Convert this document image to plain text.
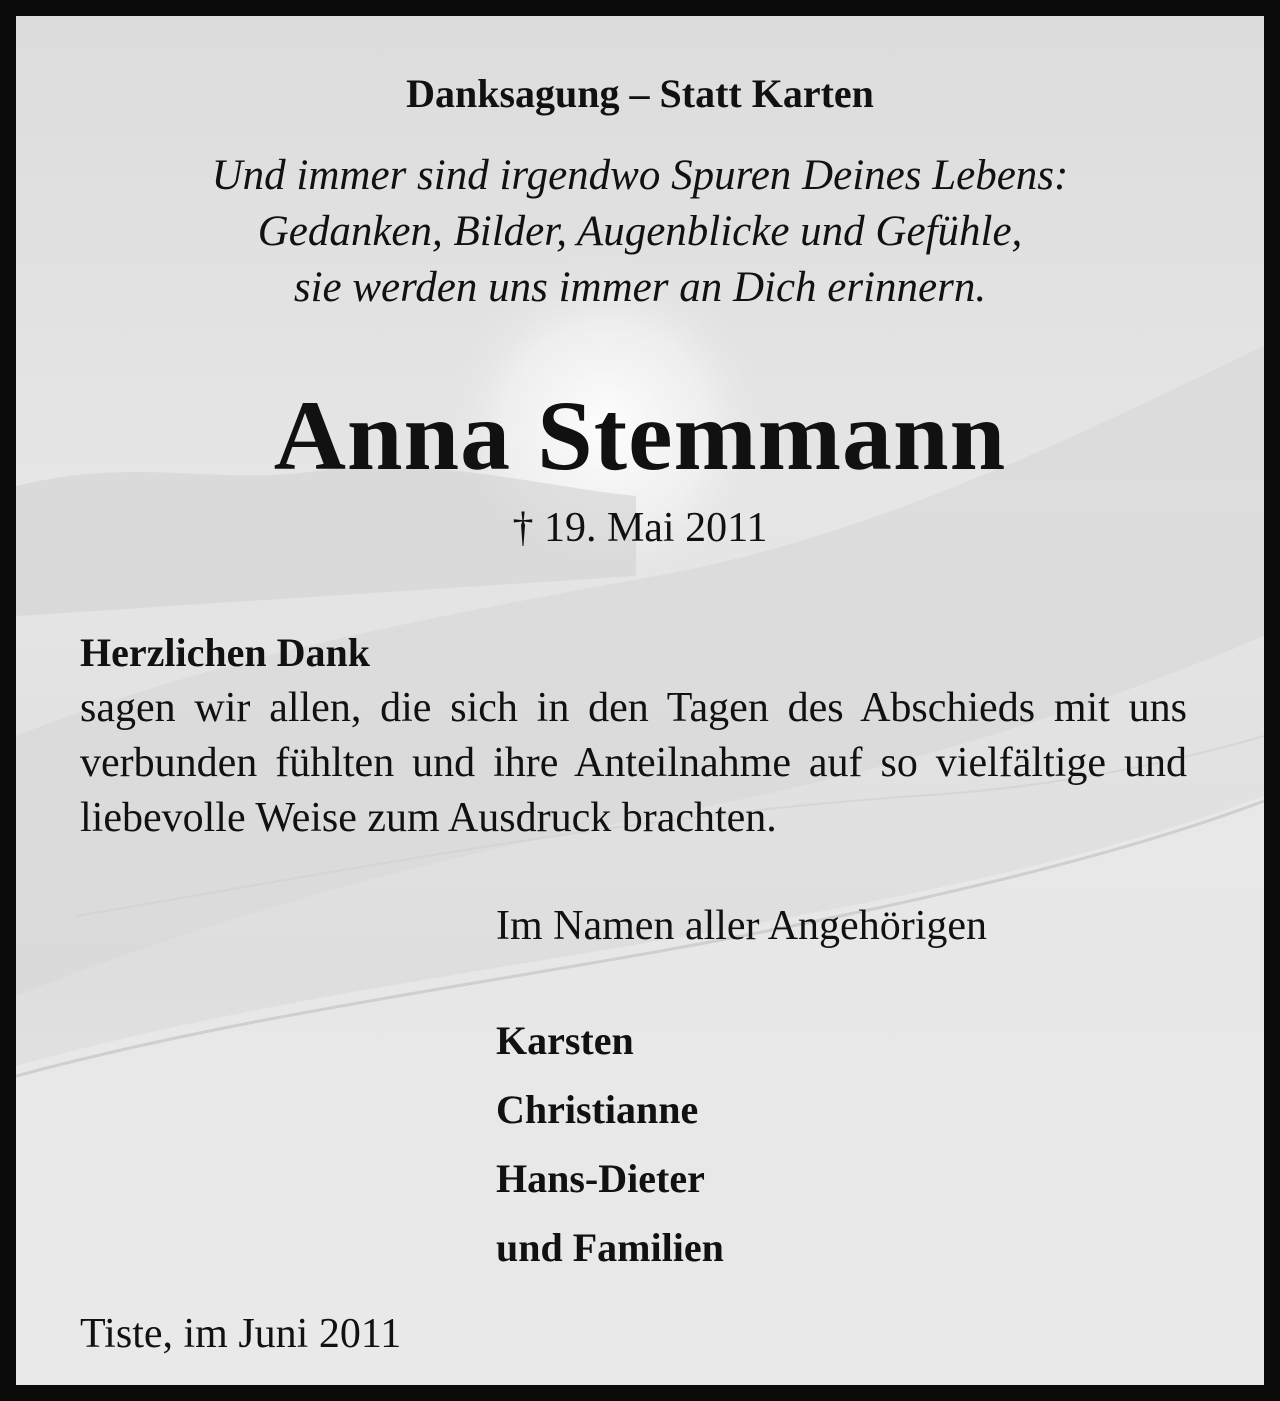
Danksagung – Statt Karten
Und immer sind irgendwo Spuren Deines Lebens:
Gedanken, Bilder, Augenblicke und Gefühle,
sie werden uns immer an Dich erinnern.
Anna Stemmann
† 19. Mai 2011
Herzlichen Dank
sagen wir allen, die sich in den Tagen des Abschieds mit uns verbunden fühlten und ihre Anteilnahme auf so vielfältige und liebevolle Weise zum Ausdruck brachten.
Im Namen aller Angehörigen
Karsten
Christianne
Hans-Dieter
und Familien
Tiste, im Juni 2011
